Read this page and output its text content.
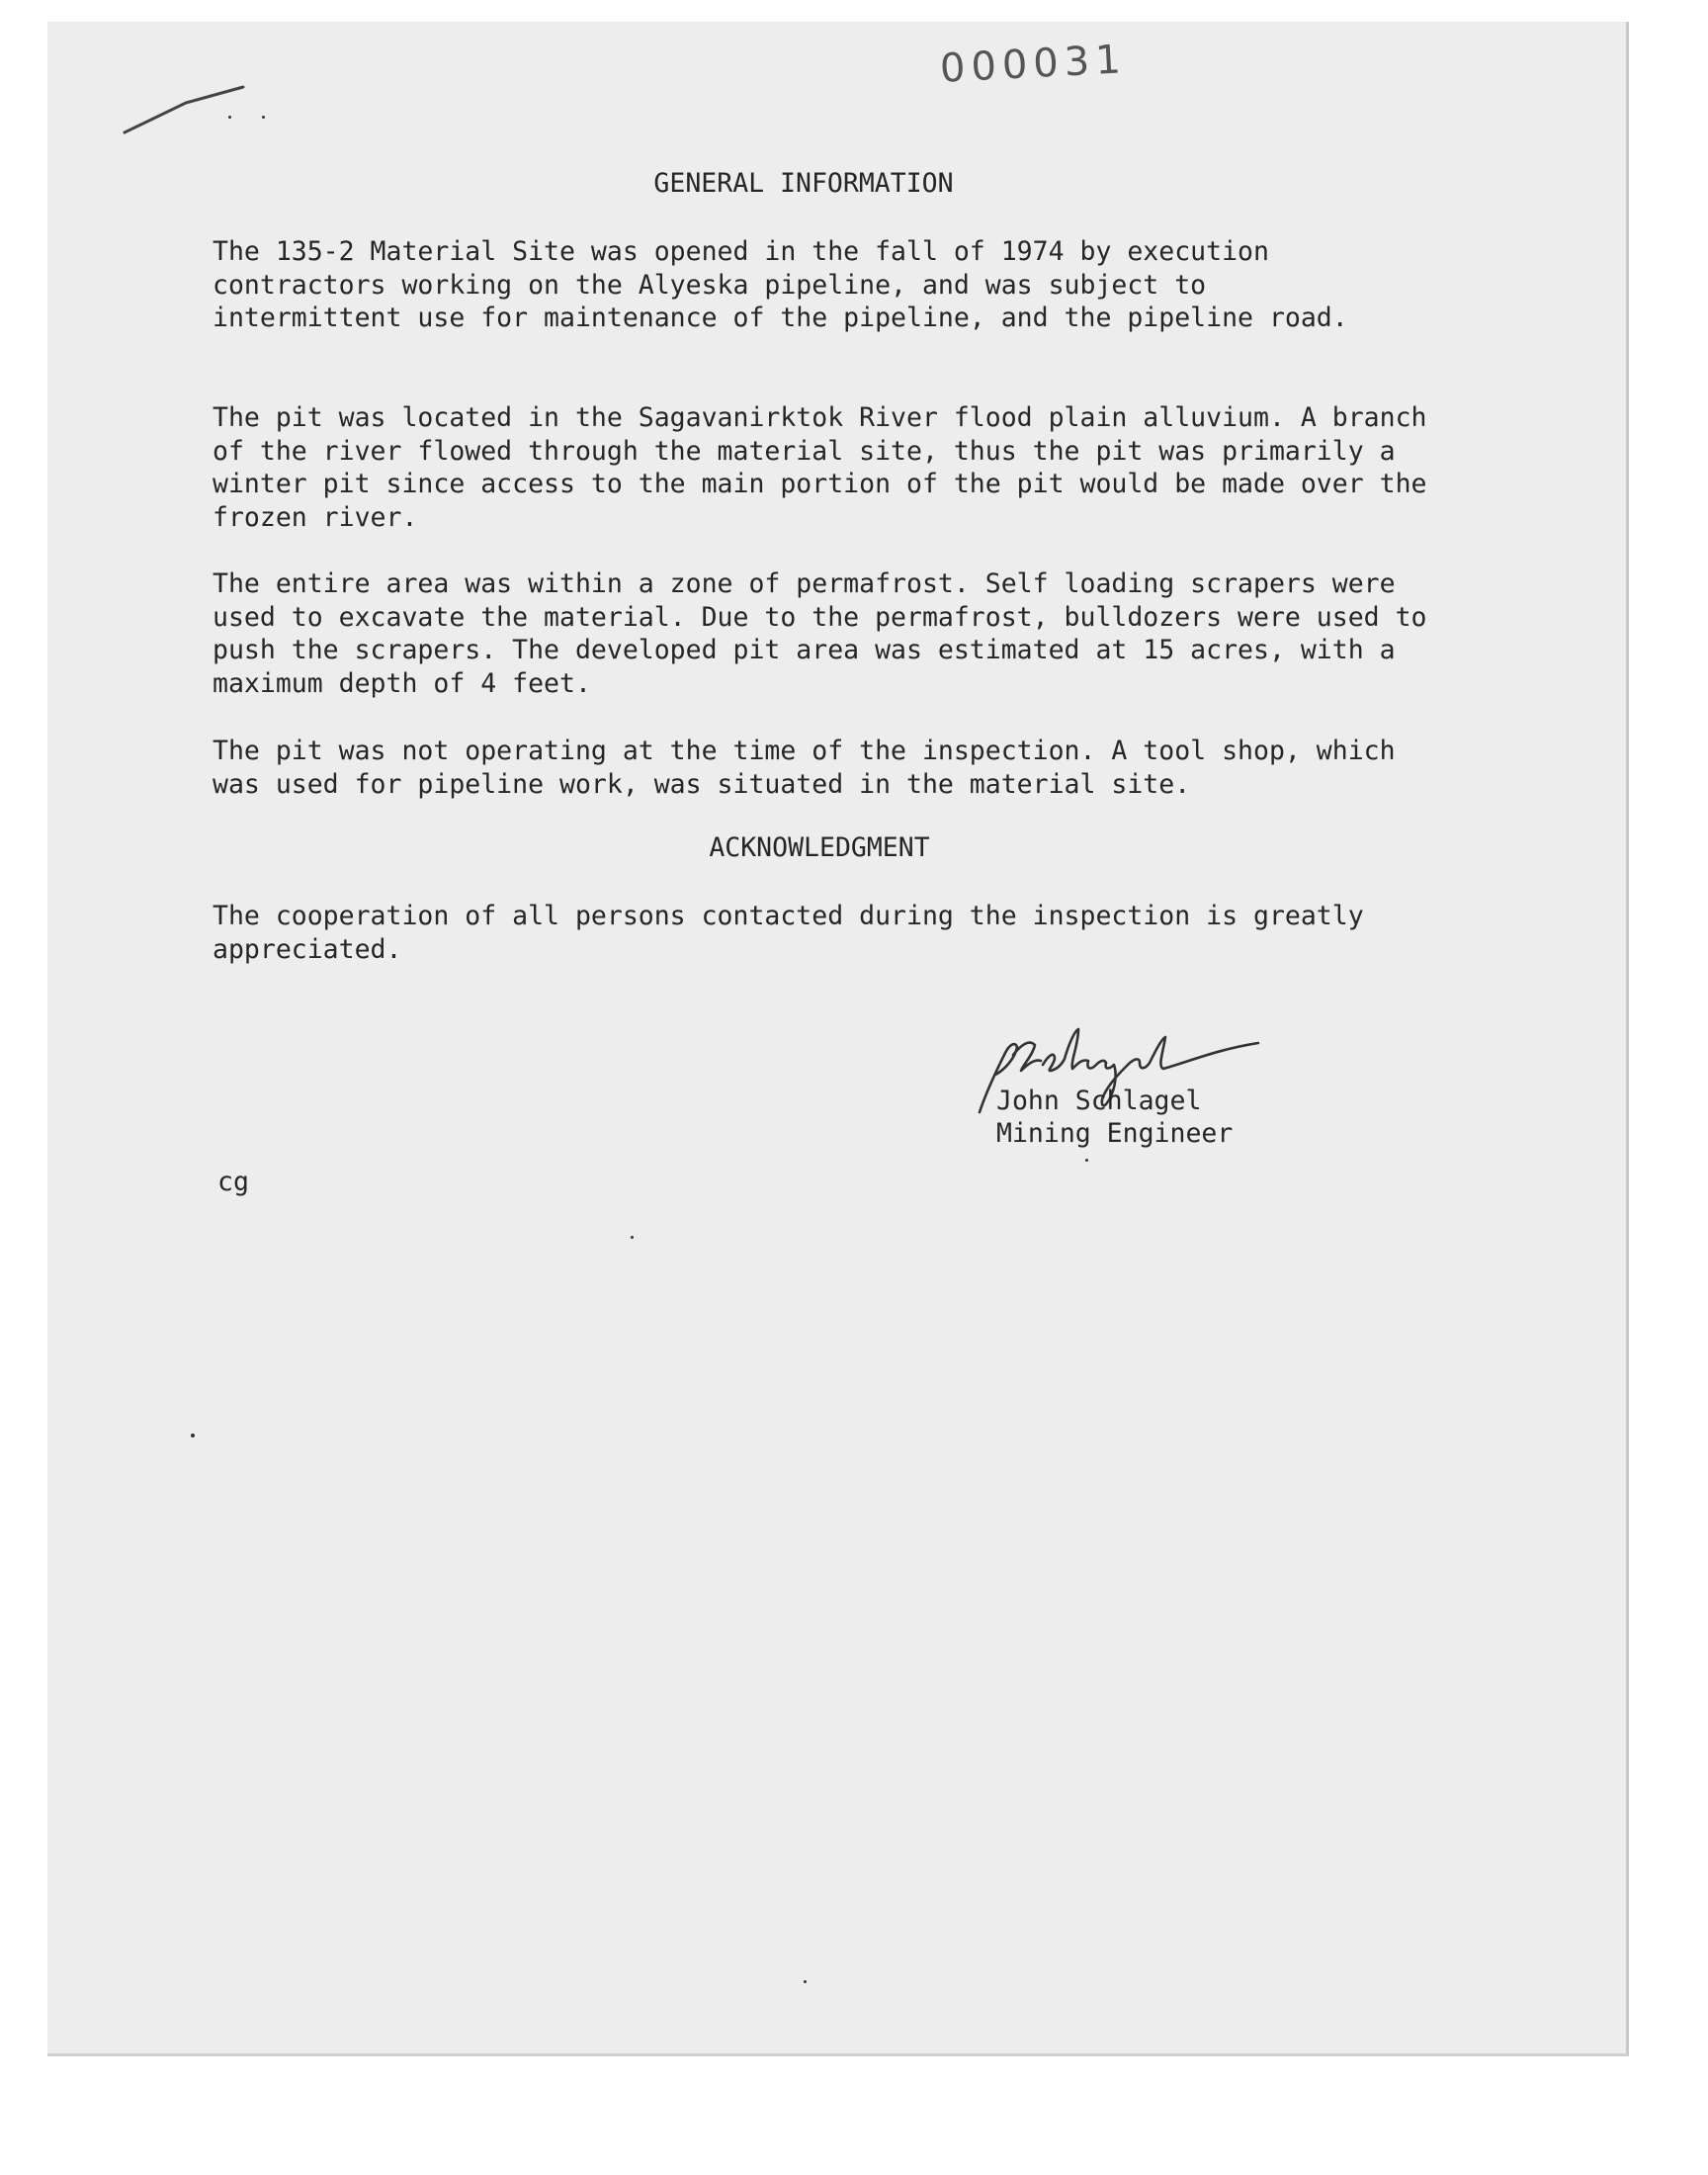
000031

GENERAL INFORMATION

The 135-2 Material Site was opened in the fall of 1974 by execution contractors working on the Alyeska pipeline, and was subject to intermittent use for maintenance of the pipeline, and the pipeline road.

The pit was located in the Sagavanirktok River flood plain alluvium. A branch of the river flowed through the material site, thus the pit was primarily a winter pit since access to the main portion of the pit would be made over the frozen river.

The entire area was within a zone of permafrost. Self loading scrapers were used to excavate the material. Due to the permafrost, bulldozers were used to push the scrapers. The developed pit area was estimated at 15 acres, with a maximum depth of 4 feet.

The pit was not operating at the time of the inspection. A tool shop, which was used for pipeline work, was situated in the material site.

ACKNOWLEDGMENT

The cooperation of all persons contacted during the inspection is greatly appreciated.

John Schlagel

Mining Engineer

cg
